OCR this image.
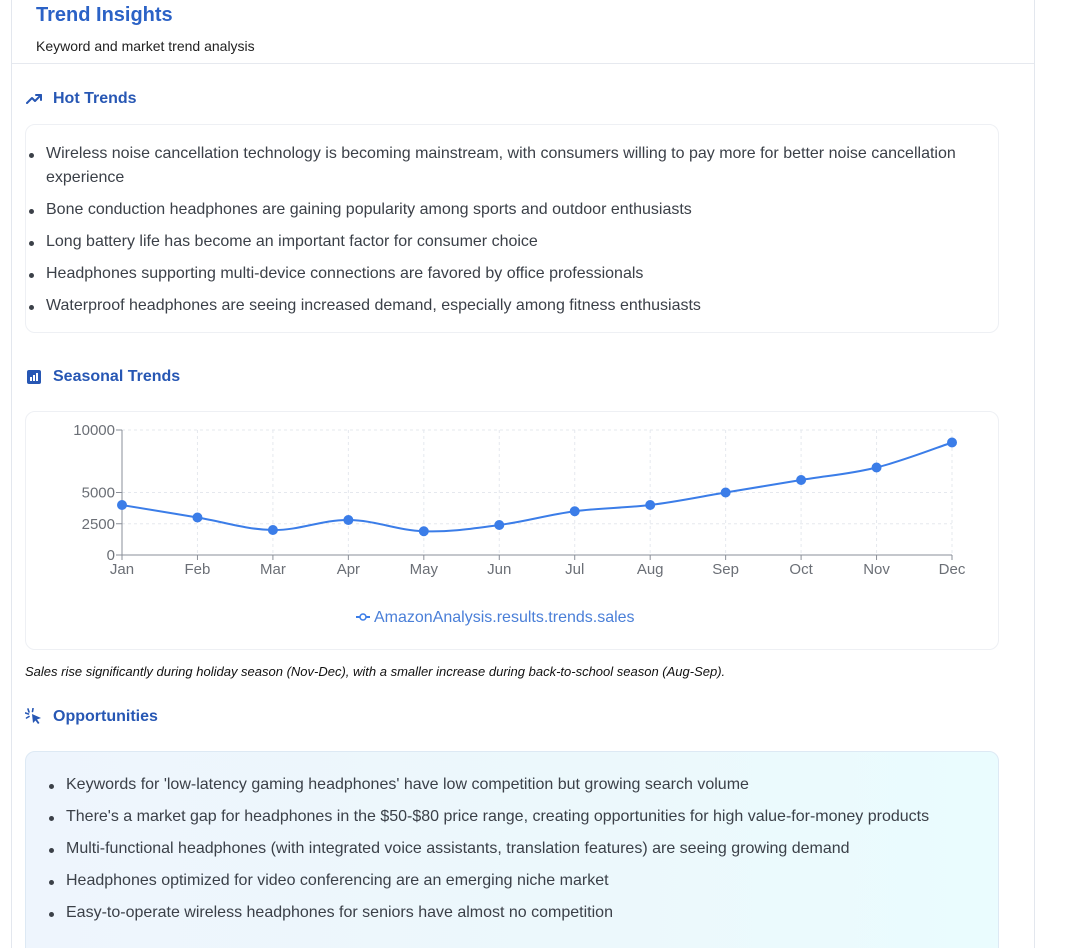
Trend Insights
Keyword and market trend analysis
Hot Trends
Wireless noise cancellation technology is becoming mainstream, with consumers willing to pay more for better noise cancellation experience
Bone conduction headphones are gaining popularity among sports and outdoor enthusiasts
Long battery life has become an important factor for consumer choice
Headphones supporting multi-device connections are favored by office professionals
Waterproof headphones are seeing increased demand, especially among fitness enthusiasts
Seasonal Trends
0
2500
5000
10000
Jan	Feb	Mar	Apr	May	Jun	Jul	Aug	Sep	Oct	Nov	Dec
AmazonAnalysis.results.trends.sales
Sales rise significantly during holiday season (Nov-Dec), with a smaller increase during back-to-school season (Aug-Sep).
Opportunities
Keywords for 'low-latency gaming headphones' have low competition but growing search volume
There's a market gap for headphones in the $50-$80 price range, creating opportunities for high value-for-money products
Multi-functional headphones (with integrated voice assistants, translation features) are seeing growing demand
Headphones optimized for video conferencing are an emerging niche market
Easy-to-operate wireless headphones for seniors have almost no competition
